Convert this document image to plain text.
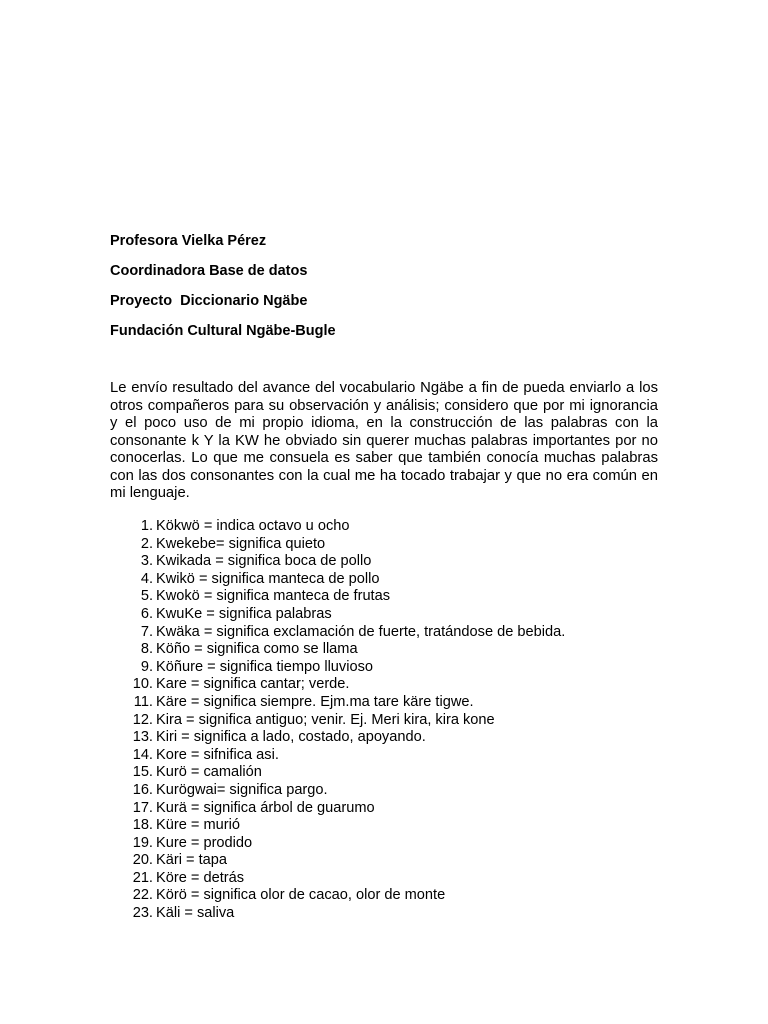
Profesora Vielka Pérez
Coordinadora Base de datos
Proyecto  Diccionario Ngäbe
Fundación Cultural Ngäbe-Bugle

Le envío resultado del avance del vocabulario Ngäbe a fin de pueda enviarlo a los otros compañeros para su observación y análisis; considero que por mi ignorancia y el poco uso de mi propio idioma, en la construcción de las palabras con la consonante k Y la KW he obviado sin querer muchas palabras importantes por no conocerlas. Lo que me consuela es saber que también conocía muchas palabras con las dos consonantes con la cual me ha tocado trabajar y que no era común en mi lenguaje.

1. Kökwö = indica octavo u ocho
2. Kwekebe= significa quieto
3. Kwikada = significa boca de pollo
4. Kwikö = significa manteca de pollo
5. Kwokö = significa manteca de frutas
6. KwuKe = significa palabras
7. Kwäka = significa exclamación de fuerte, tratándose de bebida.
8. Köño = significa como se llama
9. Köñure = significa tiempo lluvioso
10. Kare = significa cantar; verde.
11. Käre = significa siempre. Ejm.ma tare käre tigwe.
12. Kira = significa antiguo; venir. Ej. Meri kira, kira kone
13. Kiri = significa a lado, costado, apoyando.
14. Kore = sifnifica asi.
15. Kurö = camalión
16. Kurögwai= significa pargo.
17. Kurä = significa árbol de guarumo
18. Küre = murió
19. Kure = prodido
20. Käri = tapa
21. Köre = detrás
22. Körö = significa olor de cacao, olor de monte
23. Käli = saliva
